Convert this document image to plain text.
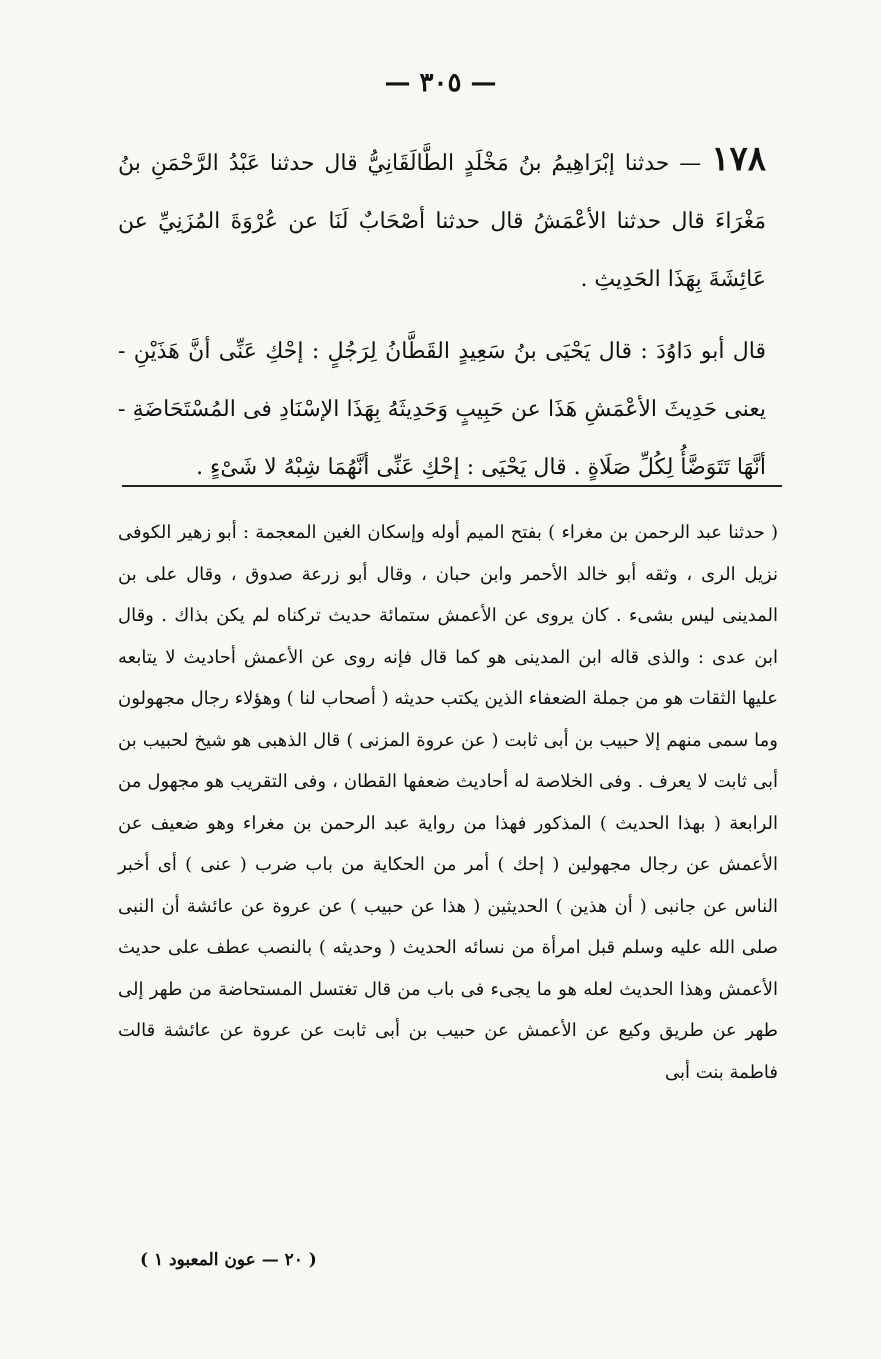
— ٣٠٥ —

١٧٨ — حدثنا إبْرَاهِيمُ بنُ مَخْلَدٍ الطَّالَقَانِيُّ قال حدثنا عَبْدُ الرَّحْمَنِ بنُ مَغْرَاءَ قال حدثنا الأعْمَشُ قال حدثنا أصْحَابٌ لَنَا عن عُرْوَةَ المُزَنِيِّ عن عَائِشَةَ بِهَذَا الحَدِيثِ .

قال أبو دَاوُدَ : قال يَحْيَى بنُ سَعِيدٍ القَطَّانُ لِرَجُلٍ : إحْكِ عَنِّى أنَّ هَذَيْنِ - يعنى حَدِيثَ الأعْمَشِ هَذَا عن حَبِيبٍ وَحَدِيثَهُ بِهَذَا الإسْنَادِ فى المُسْتَحَاضَةِ - أنَّهَا تَتَوَضَّأُ لِكُلِّ صَلَاةٍ . قال يَحْيَى : إحْكِ عَنِّى أنَّهُمَا شِبْهُ لا شَىْءٍ .

( حدثنا عبد الرحمن بن مغراء ) بفتح الميم أوله وإسكان الغين المعجمة : أبو زهير الكوفى نزيل الرى ، وثقه أبو خالد الأحمر وابن حبان ، وقال أبو زرعة صدوق ، وقال على بن المدينى ليس بشىء . كان يروى عن الأعمش ستمائة حديث تركناه لم يكن بذاك . وقال ابن عدى : والذى قاله ابن المدينى هو كما قال فإنه روى عن الأعمش أحاديث لا يتابعه عليها الثقات هو من جملة الضعفاء الذين يكتب حديثه ( أصحاب لنا ) وهؤلاء رجال مجهولون وما سمى منهم إلا حبيب بن أبى ثابت ( عن عروة المزنى ) قال الذهبى هو شيخ لحبيب بن أبى ثابت لا يعرف . وفى الخلاصة له أحاديث ضعفها القطان ، وفى التقريب هو مجهول من الرابعة ( بهذا الحديث ) المذكور فهذا من رواية عبد الرحمن بن مغراء وهو ضعيف عن الأعمش عن رجال مجهولين ( إحك ) أمر من الحكاية من باب ضرب ( عنى ) أى أخبر الناس عن جانبى ( أن هذين ) الحديثين ( هذا عن حبيب ) عن عروة عن عائشة أن النبى صلى الله عليه وسلم قبل امرأة من نسائه الحديث ( وحديثه ) بالنصب عطف على حديث الأعمش وهذا الحديث لعله هو ما يجىء فى باب من قال تغتسل المستحاضة من طهر إلى طهر عن طريق وكيع عن الأعمش عن حبيب بن أبى ثابت عن عروة عن عائشة قالت فاطمة بنت أبى

( ٢٠ — عون المعبود ١ )
